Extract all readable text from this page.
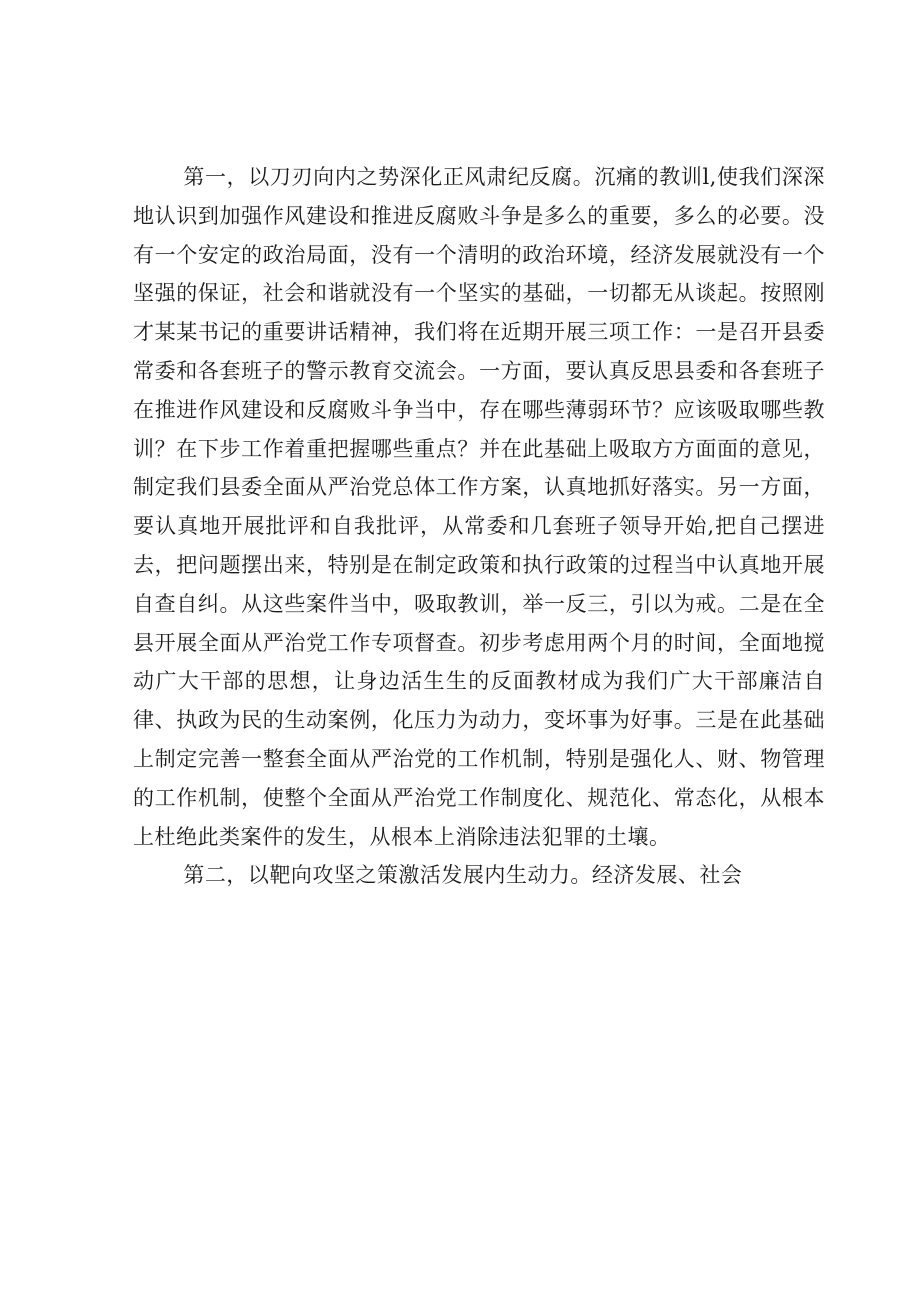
第一，以刀刃向内之势深化正风肃纪反腐。沉痛的教训l,使我们深深地认识到加强作风建设和推进反腐败斗争是多么的重要，多么的必要。没有一个安定的政治局面，没有一个清明的政治环境，经济发展就没有一个坚强的保证，社会和谐就没有一个坚实的基础，一切都无从谈起。按照刚才某某书记的重要讲话精神，我们将在近期开展三项工作：一是召开县委常委和各套班子的警示教育交流会。一方面，要认真反思县委和各套班子在推进作风建设和反腐败斗争当中，存在哪些薄弱环节？应该吸取哪些教训？在下步工作着重把握哪些重点？并在此基础上吸取方方面面的意见，制定我们县委全面从严治党总体工作方案，认真地抓好落实。另一方面，要认真地开展批评和自我批评，从常委和几套班子领导开始,把自己摆进去，把问题摆出来，特别是在制定政策和执行政策的过程当中认真地开展自查自纠。从这些案件当中，吸取教训，举一反三，引以为戒。二是在全县开展全面从严治党工作专项督查。初步考虑用两个月的时间，全面地搅动广大干部的思想，让身边活生生的反面教材成为我们广大干部廉洁自律、执政为民的生动案例，化压力为动力，变坏事为好事。三是在此基础上制定完善一整套全面从严治党的工作机制，特别是强化人、财、物管理的工作机制，使整个全面从严治党工作制度化、规范化、常态化，从根本上杜绝此类案件的发生，从根本上消除违法犯罪的土壤。

第二，以靶向攻坚之策激活发展内生动力。经济发展、社会
